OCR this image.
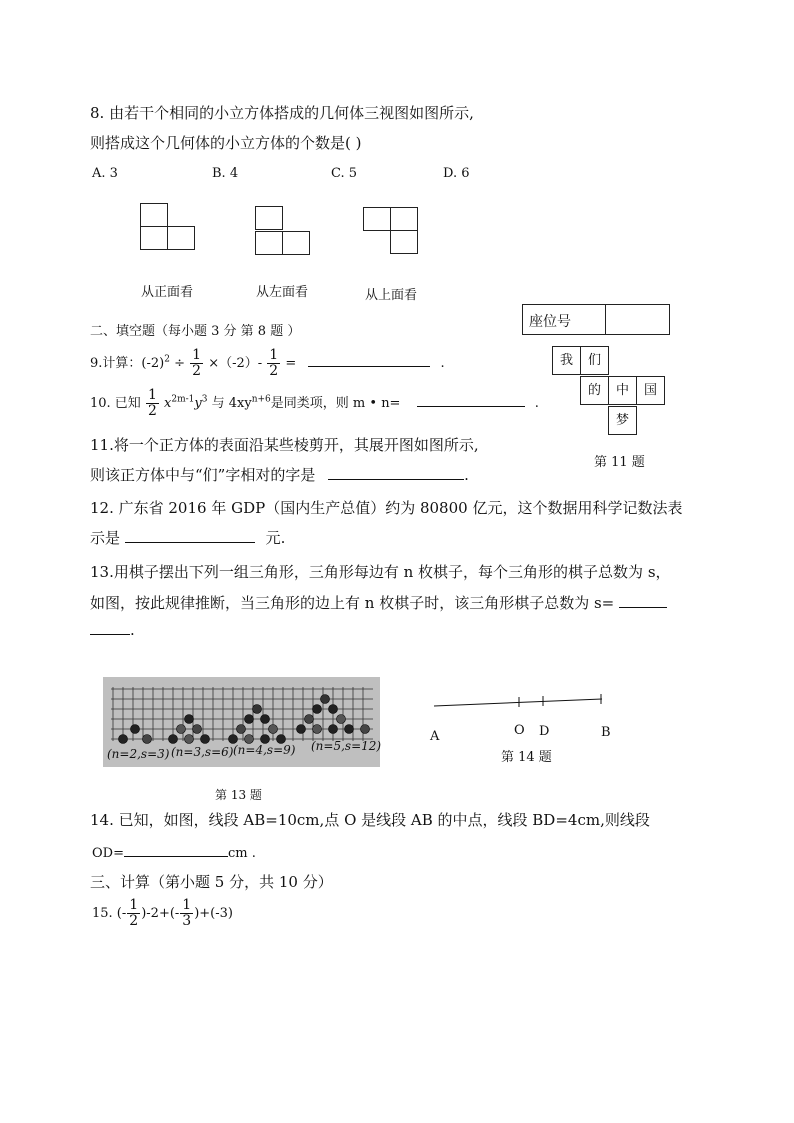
8. 由若干个相同的小立方体搭成的几何体三视图如图所示,
则搭成这个几何体的小立方体的个数是( )
A. 3	B. 4	C. 5	D. 6
从正面看	从左面看	从上面看
座位号
二、填空题（每小题 3 分 第 8 题 ）
9.计算：$(-2)^2 \div \frac{1}{2} \times(-2)- \frac{1}{2}$ =	.
10. 已知 $\frac{1}{2} x^{2m-1}y^3$ 与 $4xy^{n+6}$是同类项，则 m • n=	.
11.将一个正方体的表面沿某些棱剪开，其展开图如图所示,
则该正方体中与“们”字相对的字是	.
我	们
的	中	国
梦
第 11 题
12. 广东省 2016 年 GDP（国内生产总值）约为 80800 亿元，这个数据用科学记数法表
示是	元.
13.用棋子摆出下列一组三角形，三角形每边有 n 枚棋子，每个三角形的棋子总数为 s，
如图，按此规律推断，当三角形的边上有 n 枚棋子时，该三角形棋子总数为 s=
.
(n=2,s=3) (n=3,s=6) (n=4,s=9) (n=5,s=12)
第 13 题
A	O D	B
第 14 题
14. 已知，如图，线段 AB=10cm,点 O 是线段 AB 的中点，线段 BD=4cm,则线段
OD=	cm .
三、计算（第小题 5 分，共 10 分）
15. (- $\frac{1}{2} )-2+(- \frac{1}{3} )+(-3)$
